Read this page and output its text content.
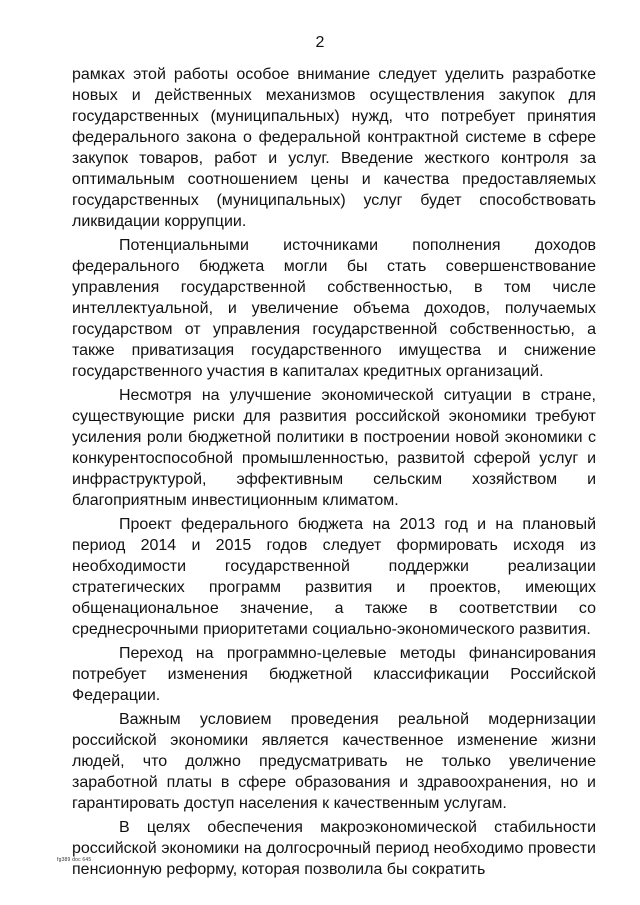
2

рамках этой работы особое внимание следует уделить разработке новых и действенных механизмов осуществления закупок для государственных (муниципальных) нужд, что потребует принятия федерального закона о федеральной контрактной системе в сфере закупок товаров, работ и услуг. Введение жесткого контроля за оптимальным соотношением цены и качества предоставляемых государственных (муниципальных) услуг будет способствовать ликвидации коррупции.

Потенциальными источниками пополнения доходов федерального бюджета могли бы стать совершенствование управления государственной собственностью, в том числе интеллектуальной, и увеличение объема доходов, получаемых государством от управления государственной собственностью, а также приватизация государственного имущества и снижение государственного участия в капиталах кредитных организаций.

Несмотря на улучшение экономической ситуации в стране, существующие риски для развития российской экономики требуют усиления роли бюджетной политики в построении новой экономики с конкурентоспособной промышленностью, развитой сферой услуг и инфраструктурой, эффективным сельским хозяйством и благоприятным инвестиционным климатом.

Проект федерального бюджета на 2013 год и на плановый период 2014 и 2015 годов следует формировать исходя из необходимости государственной поддержки реализации стратегических программ развития и проектов, имеющих общенациональное значение, а также в соответствии со среднесрочными приоритетами социально-экономического развития.

Переход на программно-целевые методы финансирования потребует изменения бюджетной классификации Российской Федерации.

Важным условием проведения реальной модернизации российской экономики является качественное изменение жизни людей, что должно предусматривать не только увеличение заработной платы в сфере образования и здравоохранения, но и гарантировать доступ населения к качественным услугам.

В целях обеспечения макроэкономической стабильности российской экономики на долгосрочный период необходимо провести пенсионную реформу, которая позволила бы сократить

fg389 doc 645
